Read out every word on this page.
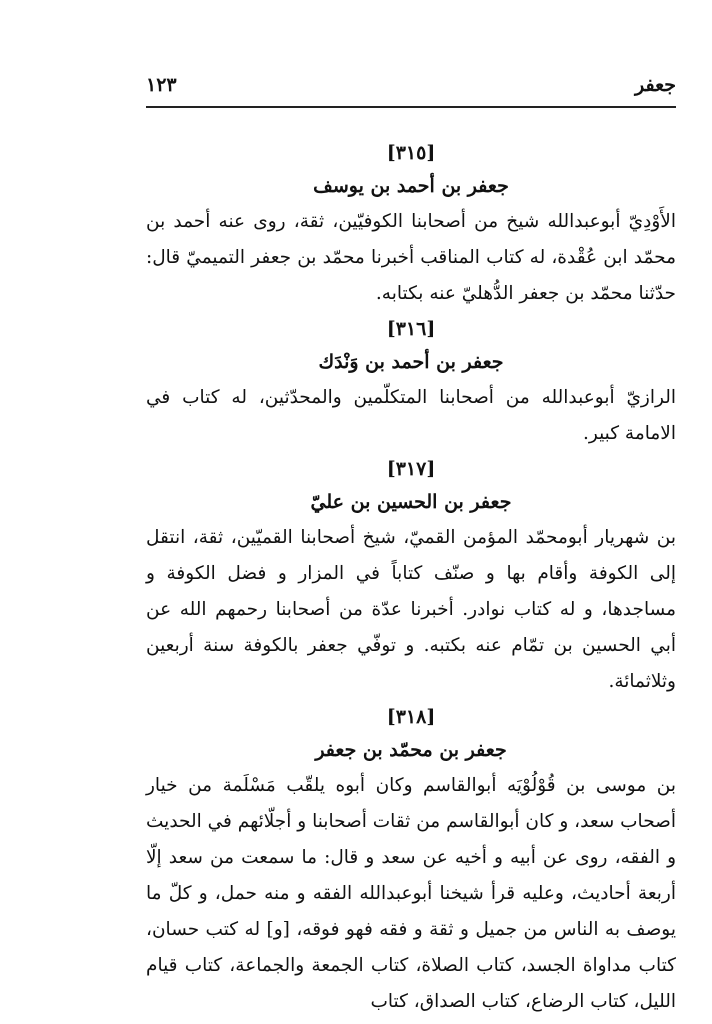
١٢٣	جعفر
[٣١٥]
جعفر بن أحمد بن يوسف

الأَوْدِيّ أبوعبدالله شيخ من أصحابنا الكوفيّين، ثقة، روى عنه أحمد بن محمّد ابن عُقْدة، له كتاب المناقب أخبرنا محمّد بن جعفر التميميّ قال: حدّثنا محمّد بن جعفر الدُّهليّ عنه بكتابه.

[٣١٦]
جعفر بن أحمد بن وَنْدَك

الرازيّ أبوعبدالله من أصحابنا المتكلّمين والمحدّثين، له كتاب في الامامة كبير.

[٣١٧]
جعفر بن الحسين بن عليّ

بن شهريار أبومحمّد المؤمن القميّ، شيخ أصحابنا القميّين، ثقة، انتقل إلى الكوفة وأقام بها و صنّف كتاباً في المزار و فضل الكوفة و مساجدها، و له كتاب نوادر. أخبرنا عدّة من أصحابنا رحمهم الله عن أبي الحسين بن تمّام عنه بكتبه. و توفّي جعفر بالكوفة سنة أربعين وثلاثمائة.

[٣١٨]
جعفر بن محمّد بن جعفر

بن موسى بن قُوْلُوْيَه أبوالقاسم وكان أبوه يلقّب مَسْلَمة من خيار أصحاب سعد، و كان أبوالقاسم من ثقات أصحابنا و أجلّائهم في الحديث و الفقه، روى عن أبيه و أخيه عن سعد و قال: ما سمعت من سعد إلّا أربعة أحاديث، وعليه قرأ شيخنا أبوعبدالله الفقه و منه حمل، و كلّ ما يوصف به الناس من جميل و ثقة و فقه فهو فوقه، [و] له كتب حسان، كتاب مداواة الجسد، كتاب الصلاة، كتاب الجمعة والجماعة، كتاب قيام الليل، كتاب الرضاع، كتاب الصداق، كتاب
